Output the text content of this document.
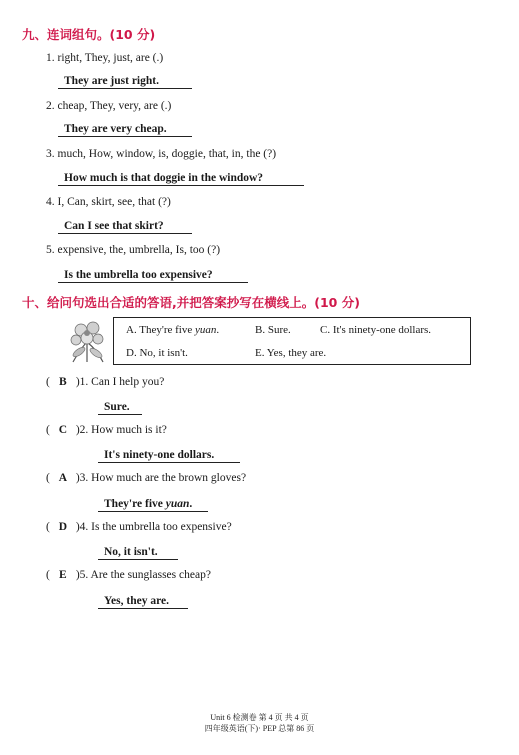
九、连词组句。(10 分)
1. right, They, just, are (.)
They are just right.
2. cheap, They, very, are (.)
They are very cheap.
3. much, How, window, is, doggie, that, in, the (?)
How much is that doggie in the window?
4. I, Can, skirt, see, that (?)
Can I see that skirt?
5. expensive, the, umbrella, Is, too (?)
Is the umbrella too expensive?
十、给问句选出合适的答语,并把答案抄写在横线上。(10 分)
A. They're five yuan.	B. Sure.	C. It's ninety-one dollars.
D. No, it isn't.	E. Yes, they are.
( B )1. Can I help you?
Sure.
( C )2. How much is it?
It's ninety-one dollars.
( A )3. How much are the brown gloves?
They're five yuan.
( D )4. Is the umbrella too expensive?
No, it isn't.
( E )5. Are the sunglasses cheap?
Yes, they are.
Unit 6 检测卷 第 4 页 共 4 页
四年级英语(下)· PEP 总第 86 页
